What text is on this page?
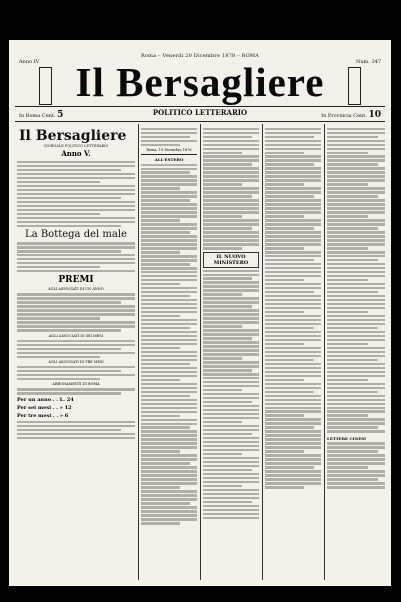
Roma – Venerdì 20 Dicembre 1878 – ROMA
Anno IV	Num. 347
Il Bersagliere
In Roma Cent. 5	POLITICO LETTERARIO	In Provincia Cent. 10
Il Bersagliere
GIORNALE POLITICO LETTERARIO
Anno V.
La Bottega del male
PREMI
AGLI ASSOCIATI DI UN ANNO
AGLI ASSOCIATI DI SEI MESI
AGLI ASSOCIATI DI TRE MESI
ABBONAMENTI DI ROMA
Per un anno . . L. 24
Per sei mesi . . » 12
Per tre mesi . . » 6
Roma, 19 Dicembre 1878
ALL'ESTERO
IL NUOVO MINISTERO
LETTERE CINESI
